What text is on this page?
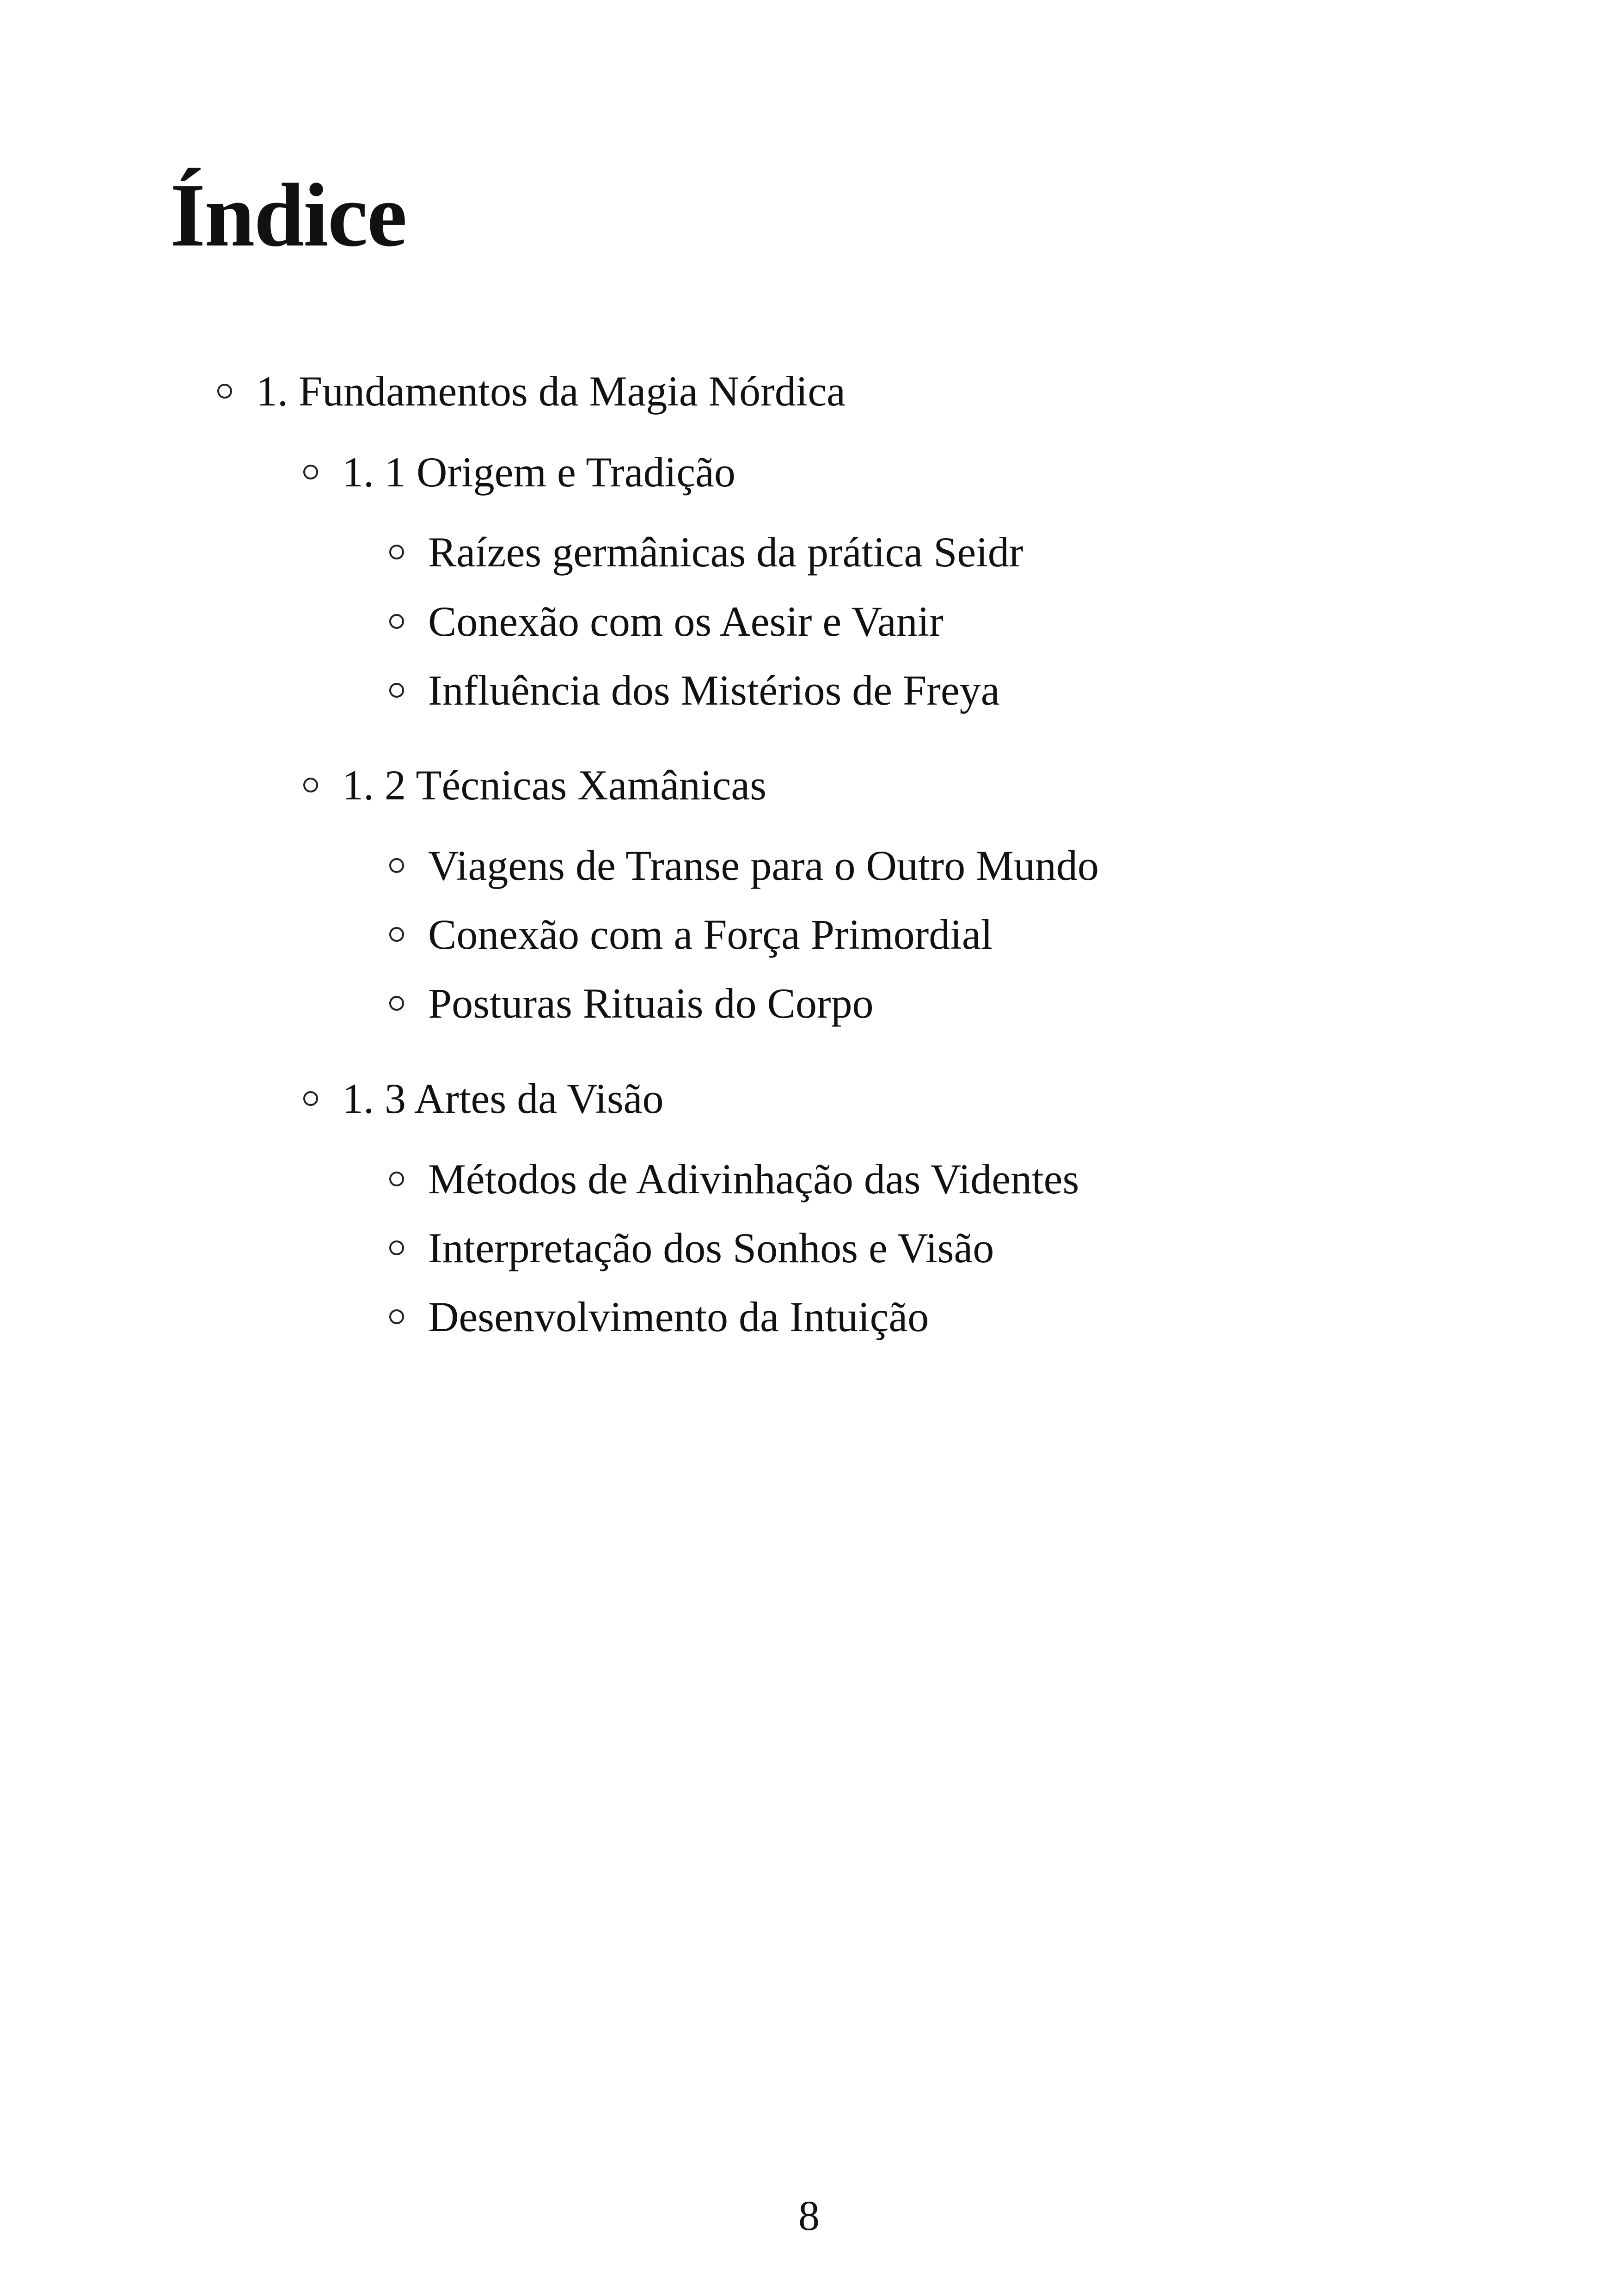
Índice
1. Fundamentos da Magia Nórdica
1. 1 Origem e Tradição
Raízes germânicas da prática Seidr
Conexão com os Aesir e Vanir
Influência dos Mistérios de Freya
1. 2 Técnicas Xamânicas
Viagens de Transe para o Outro Mundo
Conexão com a Força Primordial
Posturas Rituais do Corpo
1. 3 Artes da Visão
Métodos de Adivinhação das Videntes
Interpretação dos Sonhos e Visão
Desenvolvimento da Intuição
8
